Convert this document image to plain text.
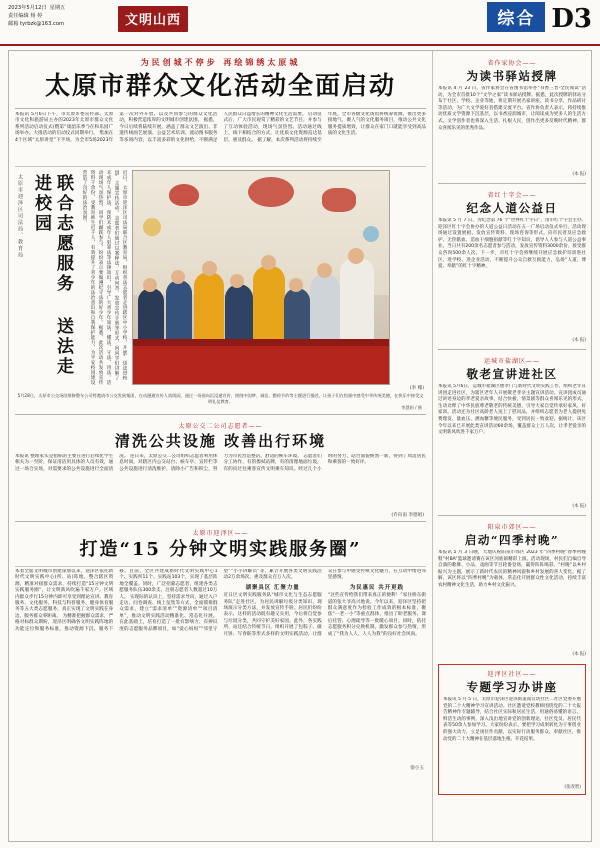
2023年5月12日 星期五
责任编辑 杨 婷
邮箱 tyrbzk@163.com	文明山西	综合 D3
为民创城不停步 再绘锦绣太原城
太原市群众文化活动全面启动
本报讯 5月6日下午，市太原市委宣传部、太原市文化和旅游局主办的2023年太原市群众文化系列活动启动仪式(暨第“康韶乐季”)在和乐园广场举办。大排活动的启动仪式同期举行。 集加在4个区域“太原讲堂”下半场，为全市5场2023年第一次对外开放、以及共同参与的群众文化活动，积极营造浓厚的文明城市创建氛围。 据悉，今日后续将陆续开展，涵盖了群众文艺演出、非遗传统曲艺展演、公益艺术培训、流动图书服务等多项内容，以丰富多彩的文化供给，不断满足人民群众日益增长的精神文化生活需要。 启动仪式后，广大市民观赏了精彩的文艺节目，并参与了互动体验活动，现场气氛热烈。活动通过线上、线下相结合的方式，让优质文化资源直达基层、惠及群众。 据了解，本次系列活动将持续至年底，全市各级文化场馆将统筹资源，推出更多接地气、聚人气的文化服务项目，推动公共文化服务提质增效，让群众在家门口就能享受到高品质的文化生活。
太原市迎泽区司法局、教育局	联合志愿服务 送法走进校园	近日，太原市迎泽区司法局联合区教育局，组织普法志愿者走进辖区中小学校，开展“送法进校园”主题宣传活动。志愿者们通过以案释法、互动问答、发放宣传手册等形式，向同学们讲解了未成年人保护法、预防未成年人犯罪法等法律知识，引导广大青少年知法、懂法、守法、用法。活动现场气氛热烈，同学们踊跃参与，纷纷表示要做遵纪守法的好少年。据悉，此次活动共发放宣传资料千余份，受教育师生近千人，有效提升了青少年的法治意识和自我保护能力，为平安校园建设营造了良好的法治氛围。
(李 娜)
5月28日，太原市公交场段维修整车公司特邀请市公交发展集团，在动漫通宣传人流线园，通过一场面向沉浸通宣传，围绕中国梦、诚信、勤俭节约等主题进行描述，让孩子们在绘画中感受中华传统美德，在快乐中接受文明礼仪教育。
李慧娟 / 摄
太原公交二公司志愿者——
清洗公共设施 改善出行环境
本报讯 整理家头是指标的主要在进行后续化学生相关为一至阶，保证清洁用具体的人员有效，通过一场合实场，对需要求的公共设施进行全面清洗。 连日来，太原公交二公司组织志愿者利用休息时间，对辖区内公交站台、候车亭、宣传栏等公共设施进行清洗维护，清除小广告和积尘，努力为市民营造整洁、舒适的候车环境。 志愿者们分工协作，有的擦拭站牌，有的清理地面垃圾，有的向过往乘客宣传文明乘车知识。经过几个小时的努力，站台面貌焕然一新，得到了周边居民和乘客的一致好评。
(乔向南 李德娟)
太原市迎泽区——
打造“15 分钟文明实践服务圈”
本着全面文明城市创建谋划以来，迎泽区依托新时代文明实践中心(所、站)阵地，整合辖区资源，精准对接群众需求，持续打造“15分钟文明实践服务圈”，让文明新风吹遍千家万户。区域内群众步行15分钟内即可享受到理论宣讲、教育服务、文化服务、科技与科普服务、健身体育服务等五大类志愿服务，真正实现了文明实践在身边、服务群众零距离。 为精准把握群众需求，严格对标群众期盼，迎泽区明确各文明实践阵地的功能定位和服务标准，推动资源下沉、服务下移。目前，全区共建成新时代文明实践中心1个、实践所11个、实践站103个，实现了基层阵地全覆盖。同时，广泛招募志愿者，组建各类志愿服务队伍300余支，注册志愿者人数超过10万人。 实现际的认识上，坚持需求导向，通过入户走访、问卷调查、线上征集等方式，全面摸排群众需求，建立“需求清单”“资源清单”“项目清单”，推动文明实践活动精准化、常态化开展。在此基础上，培育打造了一批有影响力、有辨识度的志愿服务品牌项目，如“爱心妈妈”“邻里守望”“小小讲解员”等，累计开展各类文明实践活动2万余场次，惠及群众百万人次。
湖聚具区 汇聚力量
近日区文明实践服务队“城市文化与生态志愿服务队”走进社区，为居民讲解垃圾分类知识，现场演示分类方法，并发放宣传手册。居民们纷纷表示，这样的活动既有趣又实用，今后将自觉参与垃圾分类，共同守护美好家园。此外，各实践所、站还结合传统节日，组织开展了包粽子、做月饼、写春联等形式多样的文明实践活动，让群众在参与中感受传统文化魅力，在互动中增进邻里感情。
为民惠民 共开更践
“这些宣传给我们带来真正的便利！”家住桥东街道的张大爷高兴地说。今年以来，迎泽区坚持把群众满意度作为检验工作成效的根本标准，聚焦“一老一小”等重点群体，推出了助老服务、课后托管、心理疏导等一批暖心项目。同时，依托志愿服务积分兑换机制，激发群众参与热情，形成了“我为人人、人人为我”的良好社会风尚。
梁小玉
省作家协会——
为读书驿站授牌
本报讯 4 月 23 日，省作家协会在省图书馆举办“书香三晋·全民阅读”活动，为全市首批10个“文学之家”读书驿站授牌。据悉，此次授牌的驿站分布于社区、学校、企业等地，将定期开展名家讲座、读书分享、作品研讨等活动，为广大文学爱好者搭建交流平台。省作协负责人表示，将持续推动优质文学资源下沉基层，以书香浸润城市，让阅读成为更多人的生活方式。文学创作者也将深入生活、扎根人民，创作出更多反映时代精神、群众喜闻乐见的优秀作品。
(本 报)
省红十字会——
纪念人道公益日
本报讯 5 月 7 日，为纪念第 76 个“世界红十字日”，由市红十字会主办、迎泽区红十字会协办的人道公益日活动在五一广场启动仪式举行。活动现场通过设置展板、发放宣传资料、现场咨询等形式，向市民普及应急救护、无偿献血、造血干细胞捐献等红十字知识，倡导人人参与人道公益事业。当日共有200余名志愿者参与活动，发放宣传资料3000余份，接受群众咨询500余人次。下一步，市红十字会将继续开展应急救护培训进社区、进学校、进企业活动，不断提升公众自救互救能力，弘扬“人道、博爱、奉献”的红十字精神。
(本 报)
运城市盐湖区——
敬老宣讲进社区
本报讯 5月6日，运城市盐湖区德孝门与新时代文明实践工作，组织老年宣讲团走进社区，为辖区老年人开展敬老孝亲主题宣讲活动。宣讲团成员通过讲述身边的孝老爱亲故事，结合快板、情景剧等群众喜闻乐见的形式，生动诠释了中华民族尊老敬老的传统美德，引导大家自觉传承好家风、好家训。活动还为社区高龄老人送上了慰问品，并组织志愿者为老人提供免费理发、量血压、测血糖等便民服务，受到居民一致欢迎。据统计，该区今年以来已开展此类宣讲活动60余场，覆盖群众上万人次，让孝老爱亲的文明新风吹进千家万户。
(本 报)
阳泉市郊区——
启动“四季村晚”
本报讯 5 月 3 日晚，大地庆祝阳泉市郊区 2023 年“四季村晚”春季村晚暨“村BA”篮球邀请赛在该区河底镇精彩上演。活动现场，村民们自编自导自演的歌舞、小品、戏曲等节目轮番登场，赢得阵阵喝彩。“村晚”以乡村振兴为主题，展示了新时代农民的精神风貌和乡村发展的喜人变化。据了解，该区将以“四季村晚”为载体，常态化开展群众性文化活动，持续丰富农村精神文化生活，助力乡村文化振兴。
(本 报)
迎泽区社区——
专题学习办讲座
本报讯 5 月 5 日，太原市迎泽区迎泽街道南官坊社区二社区党委开展党的二十大精神学习宣讲活动。社区邀请党校教师围绕党的二十大报告精神作专题辅导，结合社区实际和居民生活，用通俗易懂的语言、鲜活生动的事例，深入浅出地宣讲党的创新理论。社区党员、居民代表等50余人参加学习。大家纷纷表示，要把学习成果转化为干事创业的强大动力，立足岗位作贡献，以实际行动服务群众、奉献社区，推动党的二十大精神在基层落地生根、开花结果。
(张改智)
